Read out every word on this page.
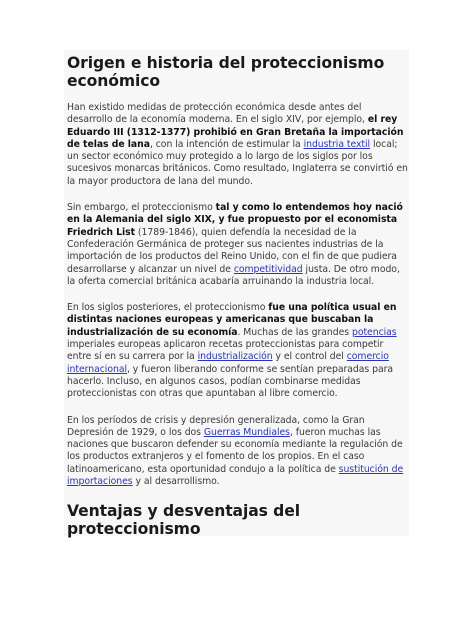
Origen e historia del proteccionismo económico

Han existido medidas de protección económica desde antes del desarrollo de la economía moderna. En el siglo XIV, por ejemplo, el rey Eduardo III (1312-1377) prohibió en Gran Bretaña la importación de telas de lana, con la intención de estimular la industria textil local; un sector económico muy protegido a lo largo de los siglos por los sucesivos monarcas británicos. Como resultado, Inglaterra se convirtió en la mayor productora de lana del mundo.

Sin embargo, el proteccionismo tal y como lo entendemos hoy nació en la Alemania del siglo XIX, y fue propuesto por el economista Friedrich List (1789-1846), quien defendía la necesidad de la Confederación Germánica de proteger sus nacientes industrias de la importación de los productos del Reino Unido, con el fin de que pudiera desarrollarse y alcanzar un nivel de competitividad justa. De otro modo, la oferta comercial británica acabaría arruinando la industria local.

En los siglos posteriores, el proteccionismo fue una política usual en distintas naciones europeas y americanas que buscaban la industrialización de su economía. Muchas de las grandes potencias imperiales europeas aplicaron recetas proteccionistas para competir entre sí en su carrera por la industrialización y el control del comercio internacional, y fueron liberando conforme se sentían preparadas para hacerlo. Incluso, en algunos casos, podían combinarse medidas proteccionistas con otras que apuntaban al libre comercio.

En los períodos de crisis y depresión generalizada, como la Gran Depresión de 1929, o los dos Guerras Mundiales, fueron muchas las naciones que buscaron defender su economía mediante la regulación de los productos extranjeros y el fomento de los propios. En el caso latinoamericano, esta oportunidad condujo a la política de sustitución de importaciones y al desarrollismo.

Ventajas y desventajas del proteccionismo
